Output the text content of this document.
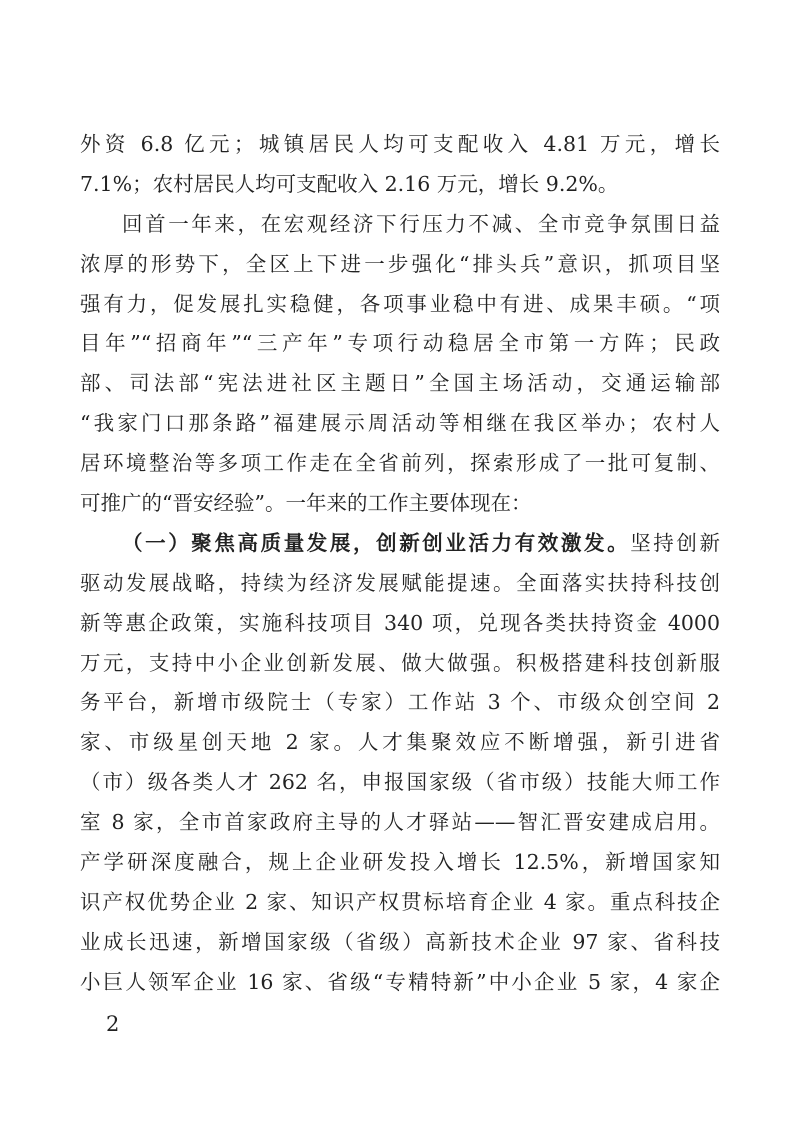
外资 6.8 亿元；城镇居民人均可支配收入 4.81 万元，增长
7.1%；农村居民人均可支配收入 2.16 万元，增长 9.2%。
回首一年来，在宏观经济下行压力不减、全市竞争氛围日益
浓厚的形势下，全区上下进一步强化“排头兵”意识，抓项目坚
强有力，促发展扎实稳健，各项事业稳中有进、成果丰硕。“项
目年”“招商年”“三产年”专项行动稳居全市第一方阵；民政
部、司法部“宪法进社区主题日”全国主场活动，交通运输部
“我家门口那条路”福建展示周活动等相继在我区举办；农村人
居环境整治等多项工作走在全省前列，探索形成了一批可复制、
可推广的“晋安经验”。一年来的工作主要体现在：
（一）聚焦高质量发展，创新创业活力有效激发。坚持创新
驱动发展战略，持续为经济发展赋能提速。全面落实扶持科技创
新等惠企政策，实施科技项目 340 项，兑现各类扶持资金 4000
万元，支持中小企业创新发展、做大做强。积极搭建科技创新服
务平台，新增市级院士（专家）工作站 3 个、市级众创空间 2
家、市级星创天地 2 家。人才集聚效应不断增强，新引进省
（市）级各类人才 262 名，申报国家级（省市级）技能大师工作
室 8 家，全市首家政府主导的人才驿站——智汇晋安建成启用。
产学研深度融合，规上企业研发投入增长 12.5%，新增国家知
识产权优势企业 2 家、知识产权贯标培育企业 4 家。重点科技企
业成长迅速，新增国家级（省级）高新技术企业 97 家、省科技
小巨人领军企业 16 家、省级“专精特新”中小企业 5 家，4 家企
2
